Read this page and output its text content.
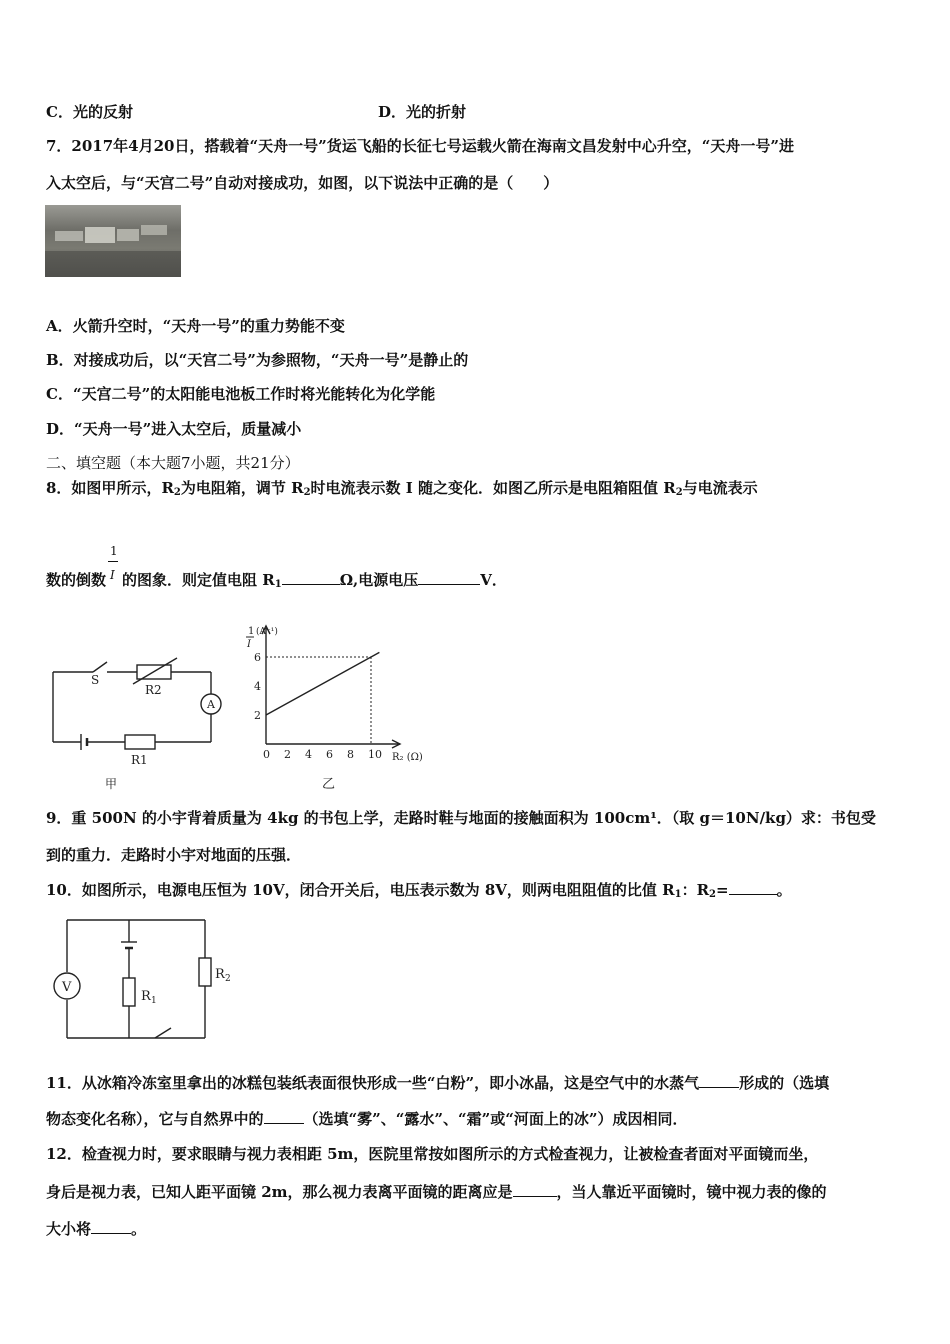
C．光的反射	D．光的折射
7．2017年4月20日，搭载着“天舟一号”货运飞船的长征七号运载火箭在海南文昌发射中心升空，“天舟一号”进
入太空后，与“天宫二号”自动对接成功，如图，以下说法中正确的是（　　）
A．火箭升空时，“天舟一号”的重力势能不变
B．对接成功后，以“天宫二号”为参照物，“天舟一号”是静止的
C．“天宫二号”的太阳能电池板工作时将光能转化为化学能
D．“天舟一号”进入太空后，质量减小
二、填空题（本大题7小题，共21分）
8．如图甲所示，$R_2$为电阻箱，调节 $R_2$时电流表示数 I 随之变化．如图乙所示是电阻箱阻值 $R_2$与电流表示
数的倒数 $\frac{1}{I}$ 的图象．则定值电阻 $R_1$	Ω,电源电压	V．
S
R2
A
R1
甲
1
I
(A⁻¹)
R₂ (Ω)
2
4
6
0 2 4 6 8 10
乙
9．重 500N 的小宇背着质量为 4kg 的书包上学，走路时鞋与地面的接触面积为 100cm¹．（取 g＝10N/kg）求：书包受
到的重力．走路时小宇对地面的压强．
10．如图所示，电源电压恒为 10V，闭合开关后，电压表示数为 8V，则两电阻阻值的比值 $R_1$：$R_2=$	。
V
R 1
R 2
11．从冰箱冷冻室里拿出的冰糕包装纸表面很快形成一些“白粉”，即小冰晶，这是空气中的水蒸气	形成的（选填
物态变化名称），它与自然界中的	（选填“雾”、“露水”、“霜”或“河面上的冰”）成因相同．
12．检查视力时，要求眼睛与视力表相距 5m，医院里常按如图所示的方式检查视力，让被检查者面对平面镜而坐，
身后是视力表，已知人距平面镜 2m，那么视力表离平面镜的距离应是	，当人靠近平面镜时，镜中视力表的像的
大小将	。
